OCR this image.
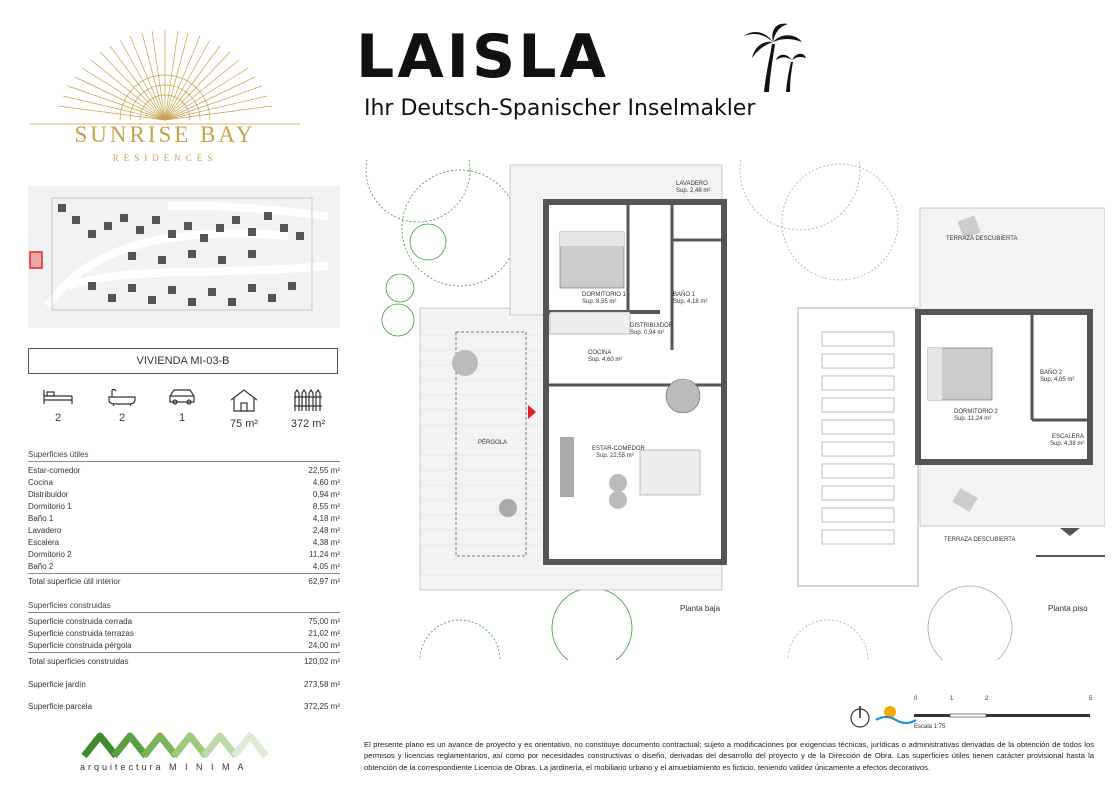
SUNRISE BAY
RESIDENCES
LAISLA
Ihr Deutsch-Spanischer Inselmakler
VIVIENDA MI-03-B
2	2	1	75 m²	372 m²
Superficies útiles
Estar-comedor	22,55 m²
Cocina	4,60 m²
Distribuidor	0,94 m²
Dormitorio 1	8,55 m²
Baño 1	4,18 m²
Lavadero	2,48 m²
Escalera	4,38 m²
Dormitorio 2	11,24 m²
Baño 2	4,05 m²
Total superficie útil interior	62,97 m²
Superficies construidas
Superficie construida cerrada	75,00 m²
Superficie construida terrazas	21,02 m²
Superficie construida pérgola	24,00 m²
Total superficies construidas	120,02 m²
Superficie jardín	273,58 m²
Superficie parcela	372,25 m²
arquitectura M I N I M A
LAVADERO
Sup. 2,48 m²
DORMITORIO 1
Sup. 8,55 m²
BAÑO 1
Sup. 4,18 m²
DISTRIBUIDOR
Sup. 0,94 m²
COCINA
Sup. 4,60 m²
ESTAR-COMEDOR
Sup. 22,55 m²
PÉRGOLA
TERRAZA DESCUBIERTA
DORMITORIO 2
Sup. 11,24 m²
BAÑO 2
Sup. 4,05 m²
ESCALERA
Sup. 4,38 m²
TERRAZA DESCUBIERTA
Planta baja	Planta piso
0	1	2	5
Escala 1:75
El presente plano es un avance de proyecto y es orientativo, no constituye documento contractual; sujeto a modificaciones por exigencias técnicas, jurídicas o administrativas derivadas de la obtención de todos los permisos y licencias reglamentarios, así como por necesidades constructivas o diseño, derivadas del desarrollo del proyecto y de la Dirección de Obra. Las superficies útiles tienen carácter provisional hasta la obtención de la correspondiente Licencia de Obras. La jardinería, el mobiliario urbano y el amueblamiento es ficticio, teniendo validez únicamente a efectos decorativos.
